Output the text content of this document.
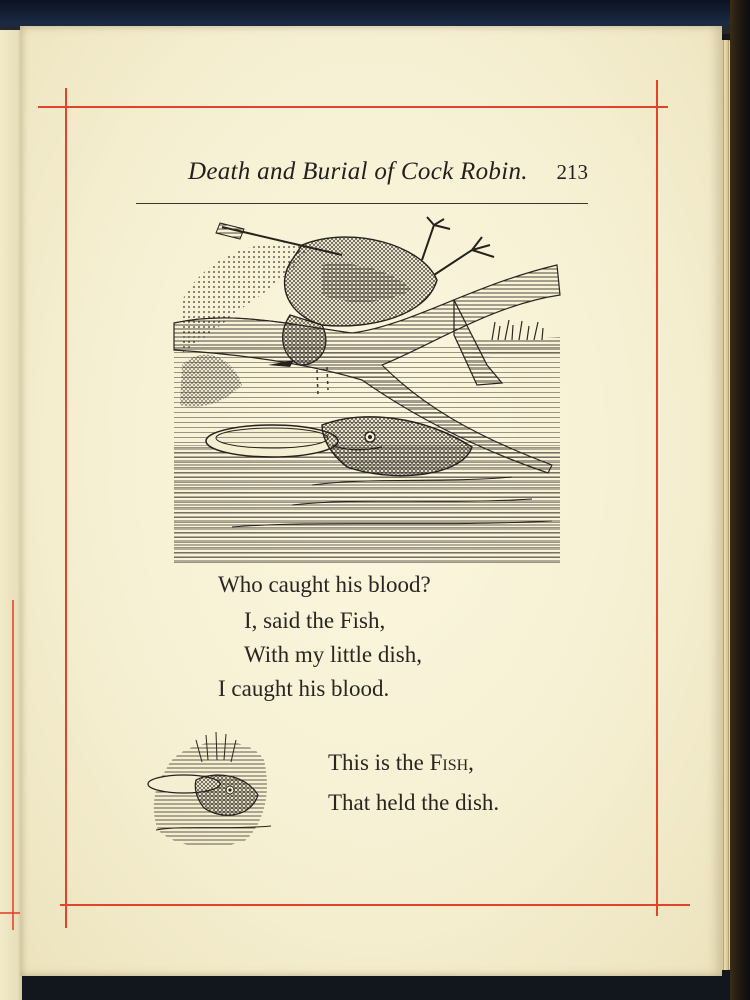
Death and Burial of Cock Robin. 213
Who caught his blood?
I, said the Fish,
With my little dish,
I caught his blood.
This is the Fish,
That held the dish.
